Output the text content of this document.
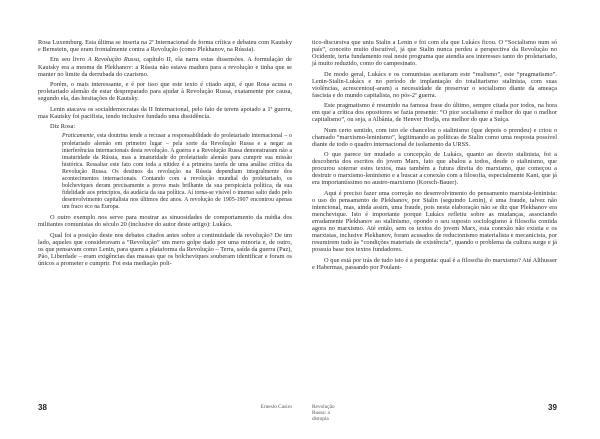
Rosa Luxemburg. Esta última se inseria na 2ª Internacional de forma crítica e debateu com Kautsky e Bernstein, que eram frontalmente contra a Revolução (como Plekhanov, na Rússia).

Em seu livro A Revolução Russa, capítulo II, ela narra estas dissensões. A formulação de Kautsky era a mesma de Plekhanov: a Rússia não estava madura para a revolução e tinha que se manter no limite da derrubada do czarismo.

Porém, o mais interessante, e é por isso que este texto é citado aqui, é que Rosa acusa o proletariado alemão de estar despreparado para ajudar à Revolução Russa, exatamente por causa, segundo ela, das hesitações de Kautsky.

Lenin atacava os socialdemocratas da II Internacional, pelo fato de terem apoiado a 1ª guerra, mas Kautsky foi pacifista, tendo inclusive fundado uma dissidência.

Diz Rosa:

Praticamente, esta doutrina tende a recusar a responsabilidade do proletariado internacional – o proletariado alemão em primeiro lugar – pela sorte da Revolução Russa e a negar as interferências internacionais desta revolução. A guerra e a Revolução Russa demonstraram não a imaturidade da Rússia, mas a imaturidade do proletariado alemão para cumprir sua missão histórica. Ressaltar este fato com toda a nitidez é a primeira tarefa de uma análise crítica da Revolução Russa. Os destinos da revolução na Rússia dependiam integralmente dos acontecimentos internacionais. Contando com a revolução mundial do proletariado, os bolcheviques deram precisamente a prova mais brilhante da sua perspicácia política, da sua fidelidade aos princípios, da audácia da sua política. Aí torna-se visível o imenso salto dado pelo desenvolvimento capitalista nos últimos dez anos. A revolução de 1905-1907 encontrou apenas um fraco eco na Europa.

O outro exemplo nos serve para mostrar as sinuosidades de comportamento da média dos militantes comunistas do século 20 (inclusive do autor deste artigo): Lukács.

Qual foi a posição deste nos debates citados antes sobre a continuidade da revolução? De um lado, aqueles que consideravam a “Revolução” um mero golpe dado por uma minoria e, de outro, os que pensavam como Lenin, para quem a plataforma da Revolução – Terra, saída da guerra (Paz), Pão, Liberdade – eram exigências das massas que os bolcheviques souberam identificar e foram os únicos a prometer e cumprir. Foi esta mediação poli-

38	Ernesto Casiro

tico-discursiva que uniu Stalin a Lenin e foi com ela que Lukács ficou. O “Socialismo num só país”, conceito muito discutível, já que Stalin nunca perdeu a perspectiva da Revolução no Ocidente, teria fundamento real neste programa que atendia aos interesses tanto do proletariado, já muito reduzido, como do campesinato.

De modo geral, Lukács e os comunistas aceitaram este “realismo”, este “pragmatismo”. Lenin-Stalin-Lukács e no período de implantação do totalitarismo stalinista, com suas violências, acrescentou(-aram) a necessidade de preservar o socialismo diante da ameaça fascista e do mundo capitalista, no pós-2ª guerra.

Este pragmatismo é resumido na famosa frase do último, sempre citada por todos, na hora em que a crítica dos opositores se fazia presente: “O pior socialismo é melhor do que o melhor capitalismo”, ou seja, a Albânia, de Henver Hodja, era melhor do que a Suíça.

Num certo sentido, com isto ele chancelou o stalinismo (que depois o prendeu) e criou o chamado “marxismo-leninismo”, legitimando as políticas de Stalin como uma resposta possível diante de todo o quadro internacional de isolamento da URSS.

O que parece ter mudado a concepção de Lukács, quanto ao desvio stalinista, foi a descoberta dos escritos do jovem Marx, fato que abalou a todos, desde o stalinismo, que procurou soterrar estes textos, mas também a futura direita do marxismo, que começou a destruir o marxismo-leninismo e a buscar a conexão com a filosofia, especialmente Kant, que já era importantíssimo no austro-marxismo (Korsch-Bauer).

Aqui é preciso fazer uma correção no desenvolvimento do pensamento marxista-leninista: o uso do pensamento de Plekhanov, por Stalin (seguindo Lenin), é uma fraude, talvez não intencional, mas, ainda assim, uma fraude, pois nesta elaboração não se diz que Plekhanov era menchevique. Isto é importante porque Lukács refletiu sobre as mudanças, associando erradamente Plekhanov ao stalinismo, opondo o seu suposto sociologismo à filosofia contida agora no marxismo. Até então, sem os textos do jovem Marx, esta conexão não existia e os marxistas, inclusive Plekhanov, foram acusados de reducionismo materialista e mecanicista, por resumirem tudo às “condições materiais de existência”, quando o problema da cultura surge e já possuía base nos textos fundadores.

O que está por trás de tudo isto é a pergunta: qual é a filosofia do marxismo? Até Althusser e Habermas, passando por Poulant-

Revolução Russa: a distopia
39
